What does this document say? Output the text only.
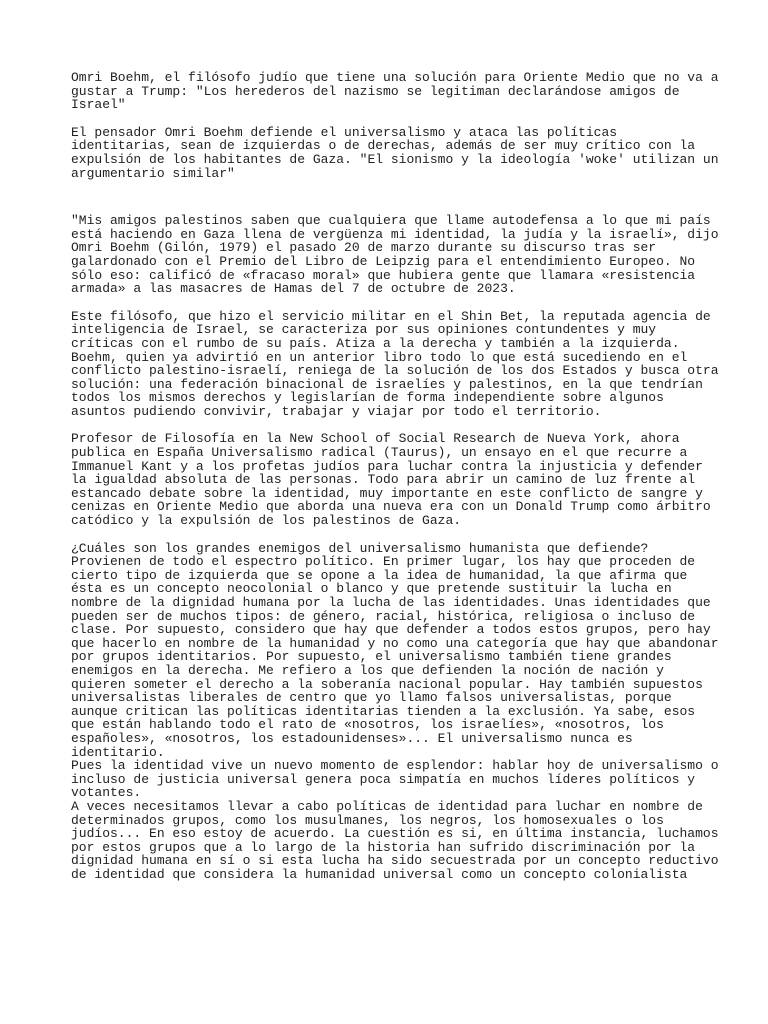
Omri Boehm, el filósofo judío que tiene una solución para Oriente Medio que no va a
gustar a Trump: "Los herederos del nazismo se legitiman declarándose amigos de
Israel"

El pensador Omri Boehm defiende el universalismo y ataca las políticas
identitarias, sean de izquierdas o de derechas, además de ser muy crítico con la
expulsión de los habitantes de Gaza. "El sionismo y la ideología 'woke' utilizan un
argumentario similar"

"Mis amigos palestinos saben que cualquiera que llame autodefensa a lo que mi país
está haciendo en Gaza llena de vergüenza mi identidad, la judía y la israelí», dijo
Omri Boehm (Gilón, 1979) el pasado 20 de marzo durante su discurso tras ser
galardonado con el Premio del Libro de Leipzig para el entendimiento Europeo. No
sólo eso: calificó de «fracaso moral» que hubiera gente que llamara «resistencia
armada» a las masacres de Hamas del 7 de octubre de 2023.

Este filósofo, que hizo el servicio militar en el Shin Bet, la reputada agencia de
inteligencia de Israel, se caracteriza por sus opiniones contundentes y muy
críticas con el rumbo de su país. Atiza a la derecha y también a la izquierda.
Boehm, quien ya advirtió en un anterior libro todo lo que está sucediendo en el
conflicto palestino-israelí, reniega de la solución de los dos Estados y busca otra
solución: una federación binacional de israelíes y palestinos, en la que tendrían
todos los mismos derechos y legislarían de forma independiente sobre algunos
asuntos pudiendo convivir, trabajar y viajar por todo el territorio.

Profesor de Filosofía en la New School of Social Research de Nueva York, ahora
publica en España Universalismo radical (Taurus), un ensayo en el que recurre a
Immanuel Kant y a los profetas judíos para luchar contra la injusticia y defender
la igualdad absoluta de las personas. Todo para abrir un camino de luz frente al
estancado debate sobre la identidad, muy importante en este conflicto de sangre y
cenizas en Oriente Medio que aborda una nueva era con un Donald Trump como árbitro
catódico y la expulsión de los palestinos de Gaza.

¿Cuáles son los grandes enemigos del universalismo humanista que defiende?
Provienen de todo el espectro político. En primer lugar, los hay que proceden de
cierto tipo de izquierda que se opone a la idea de humanidad, la que afirma que
ésta es un concepto neocolonial o blanco y que pretende sustituir la lucha en
nombre de la dignidad humana por la lucha de las identidades. Unas identidades que
pueden ser de muchos tipos: de género, racial, histórica, religiosa o incluso de
clase. Por supuesto, considero que hay que defender a todos estos grupos, pero hay
que hacerlo en nombre de la humanidad y no como una categoría que hay que abandonar
por grupos identitarios. Por supuesto, el universalismo también tiene grandes
enemigos en la derecha. Me refiero a los que defienden la noción de nación y
quieren someter el derecho a la soberanía nacional popular. Hay también supuestos
universalistas liberales de centro que yo llamo falsos universalistas, porque
aunque critican las políticas identitarias tienden a la exclusión. Ya sabe, esos
que están hablando todo el rato de «nosotros, los israelíes», «nosotros, los
españoles», «nosotros, los estadounidenses»... El universalismo nunca es
identitario.

Pues la identidad vive un nuevo momento de esplendor: hablar hoy de universalismo o
incluso de justicia universal genera poca simpatía en muchos líderes políticos y
votantes.

A veces necesitamos llevar a cabo políticas de identidad para luchar en nombre de
determinados grupos, como los musulmanes, los negros, los homosexuales o los
judíos... En eso estoy de acuerdo. La cuestión es si, en última instancia, luchamos
por estos grupos que a lo largo de la historia han sufrido discriminación por la
dignidad humana en sí o si esta lucha ha sido secuestrada por un concepto reductivo
de identidad que considera la humanidad universal como un concepto colonialista
